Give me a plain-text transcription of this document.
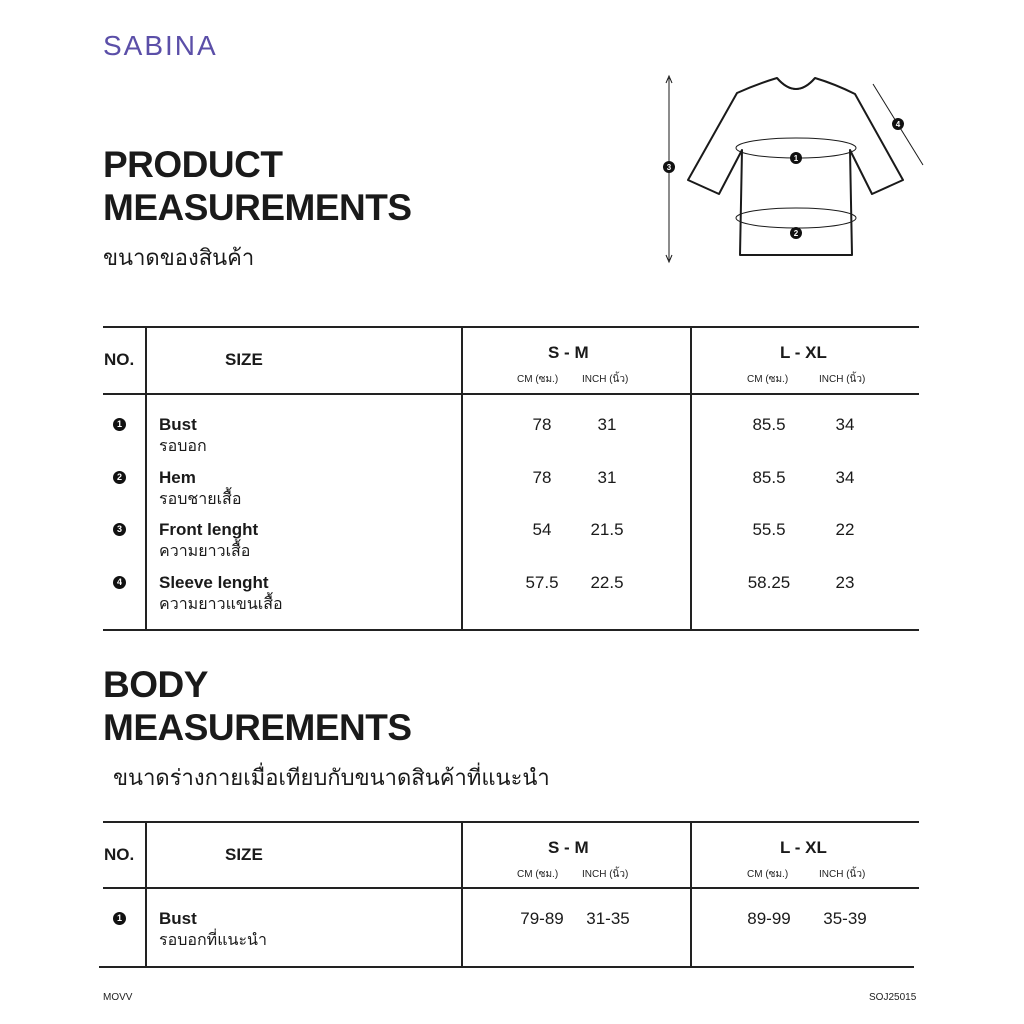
SABINA
PRODUCT
MEASUREMENTS
ขนาดของสินค้า
1
2
3
4
NO.	SIZE	S - M
CM (ซม.) INCH (นิ้ว)
L - XL
CM (ซม.)	INCH (นิ้ว)
1 Bust
รอบอก
78	31	85.5	34
2 Hem
รอบชายเสื้อ
78	31	85.5	34
3 Front lenght
ความยาวเสื้อ
54	21.5	55.5	22
4 Sleeve lenght
ความยาวแขนเสื้อ
57.5	22.5	58.25	23
BODY
MEASUREMENTS
ขนาดร่างกายเมื่อเทียบกับขนาดสินค้าที่แนะนำ
NO.	SIZE	S - M
CM (ซม.) INCH (นิ้ว)
L - XL
CM (ซม.)	INCH (นิ้ว)
1 Bust
รอบอกที่แนะนำ
79-89	31-35	89-99	35-39
MOVV	SOJ25015
